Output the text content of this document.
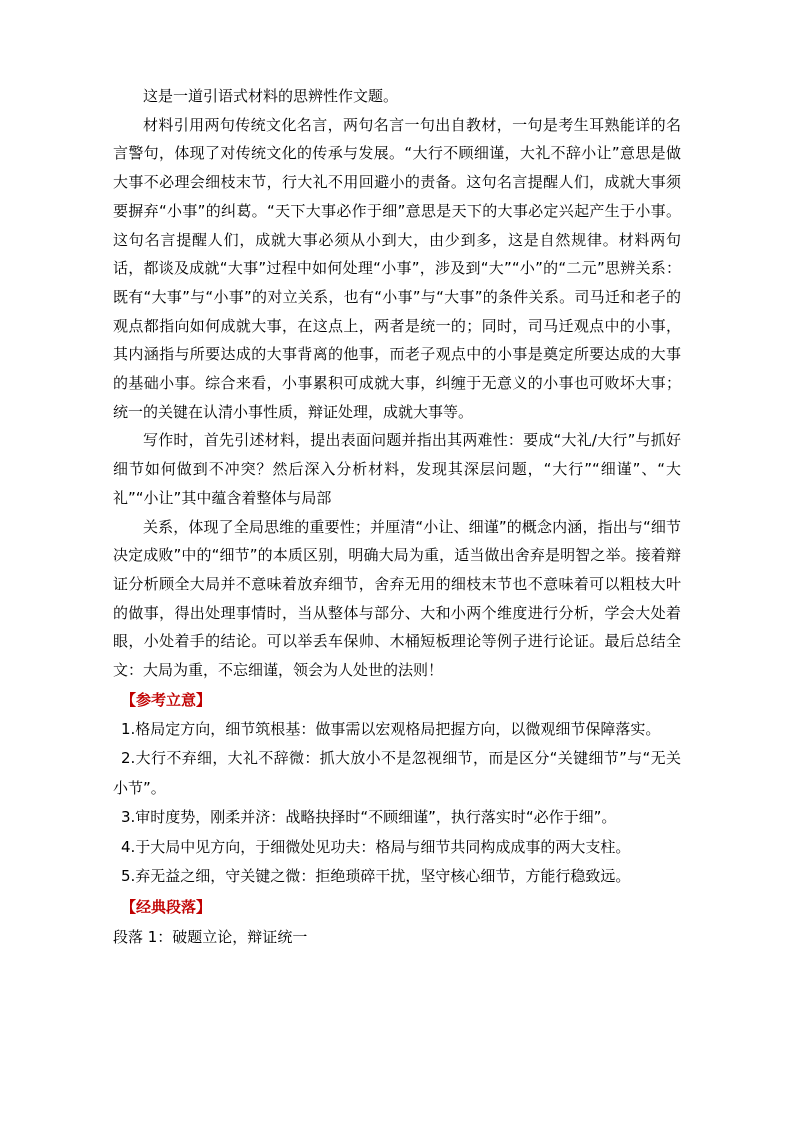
这是一道引语式材料的思辨性作文题。

材料引用两句传统文化名言，两句名言一句出自教材，一句是考生耳熟能详的名言警句，体现了对传统文化的传承与发展。“大行不顾细谨，大礼不辞小让”意思是做大事不必理会细枝末节，行大礼不用回避小的责备。这句名言提醒人们，成就大事须要摒弃“小事”的纠葛。“天下大事必作于细”意思是天下的大事必定兴起产生于小事。这句名言提醒人们，成就大事必须从小到大，由少到多，这是自然规律。材料两句话，都谈及成就“大事”过程中如何处理“小事”，涉及到“大”“小”的“二元”思辨关系：既有“大事”与“小事”的对立关系，也有“小事”与“大事”的条件关系。司马迁和老子的观点都指向如何成就大事，在这点上，两者是统一的；同时，司马迁观点中的小事，其内涵指与所要达成的大事背离的他事，而老子观点中的小事是奠定所要达成的大事的基础小事。综合来看，小事累积可成就大事，纠缠于无意义的小事也可败坏大事；统一的关键在认清小事性质，辩证处理，成就大事等。

写作时，首先引述材料，提出表面问题并指出其两难性：要成“大礼/大行”与抓好细节如何做到不冲突？然后深入分析材料，发现其深层问题，“大行”“细谨”、“大礼”“小让”其中蕴含着整体与局部

关系，体现了全局思维的重要性；并厘清“小让、细谨”的概念内涵，指出与“细节决定成败”中的“细节”的本质区别，明确大局为重，适当做出舍弃是明智之举。接着辩证分析顾全大局并不意味着放弃细节，舍弃无用的细枝末节也不意味着可以粗枝大叶的做事，得出处理事情时，当从整体与部分、大和小两个维度进行分析，学会大处着眼，小处着手的结论。可以举丢车保帅、木桶短板理论等例子进行论证。最后总结全文：大局为重，不忘细谨，领会为人处世的法则！

【参考立意】

1.格局定方向，细节筑根基：做事需以宏观格局把握方向，以微观细节保障落实。

2.大行不弃细，大礼不辞微：抓大放小不是忽视细节，而是区分“关键细节”与“无关小节”。

3.审时度势，刚柔并济：战略抉择时“不顾细谨”，执行落实时“必作于细”。

4.于大局中见方向，于细微处见功夫：格局与细节共同构成成事的两大支柱。

5.弃无益之细，守关键之微：拒绝琐碎干扰，坚守核心细节，方能行稳致远。

【经典段落】

段落 1：破题立论，辩证统一
